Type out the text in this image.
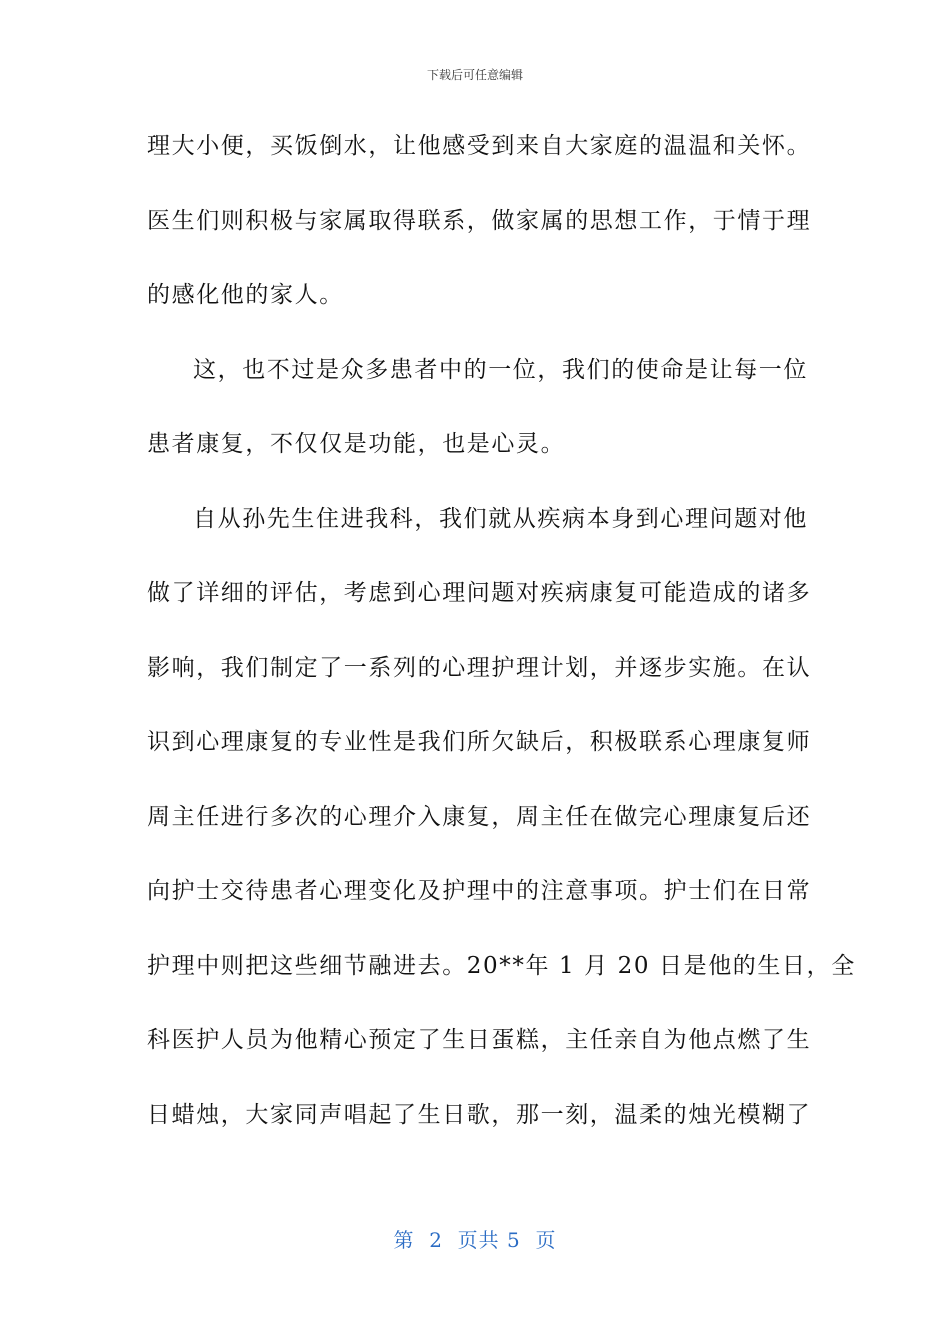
下载后可任意编辑
理大小便，买饭倒水，让他感受到来自大家庭的温温和关怀。
医生们则积极与家属取得联系，做家属的思想工作，于情于理
的感化他的家人。
这，也不过是众多患者中的一位，我们的使命是让每一位
患者康复，不仅仅是功能，也是心灵。
自从孙先生住进我科，我们就从疾病本身到心理问题对他
做了详细的评估，考虑到心理问题对疾病康复可能造成的诸多
影响，我们制定了一系列的心理护理计划，并逐步实施。在认
识到心理康复的专业性是我们所欠缺后，积极联系心理康复师
周主任进行多次的心理介入康复，周主任在做完心理康复后还
向护士交待患者心理变化及护理中的注意事项。护士们在日常
护理中则把这些细节融进去。20**年 1 月 20 日是他的生日，全
科医护人员为他精心预定了生日蛋糕，主任亲自为他点燃了生
日蜡烛，大家同声唱起了生日歌，那一刻，温柔的烛光模糊了
第  2  页共 5  页
